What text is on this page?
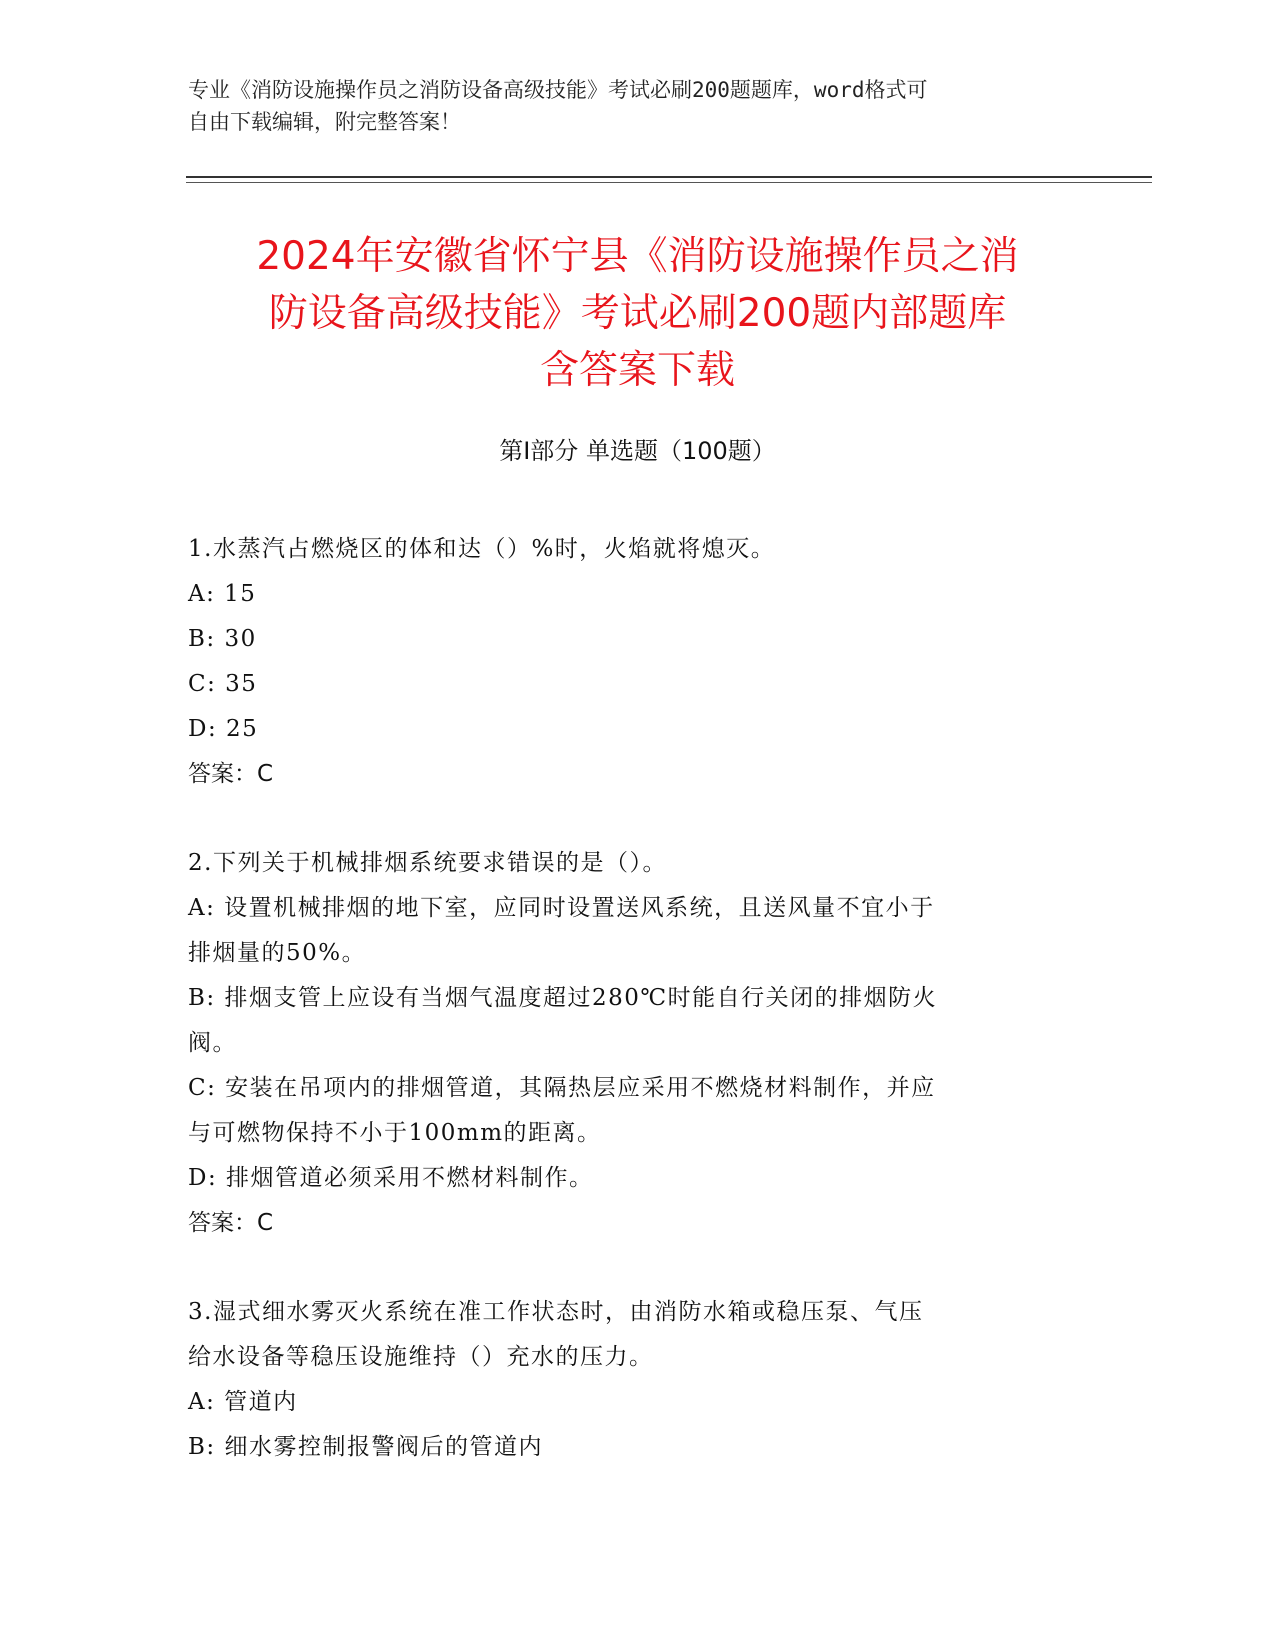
专业《消防设施操作员之消防设备高级技能》考试必刷200题题库，word格式可
自由下载编辑，附完整答案！
2024年安徽省怀宁县《消防设施操作员之消
防设备高级技能》考试必刷200题内部题库
含答案下载
第Ⅰ部分 单选题（100题）
1.水蒸汽占燃烧区的体和达（）%时，火焰就将熄灭。
A: 15
B: 30
C: 35
D: 25
答案：C
2.下列关于机械排烟系统要求错误的是（）。
A: 设置机械排烟的地下室，应同时设置送风系统，且送风量不宜小于
排烟量的50%。
B: 排烟支管上应设有当烟气温度超过280℃时能自行关闭的排烟防火
阀。
C: 安装在吊项内的排烟管道，其隔热层应采用不燃烧材料制作，并应
与可燃物保持不小于100mm的距离。
D: 排烟管道必须采用不燃材料制作。
答案：C
3.湿式细水雾灭火系统在准工作状态时，由消防水箱或稳压泵、气压
给水设备等稳压设施维持（）充水的压力。
A: 管道内
B: 细水雾控制报警阀后的管道内
